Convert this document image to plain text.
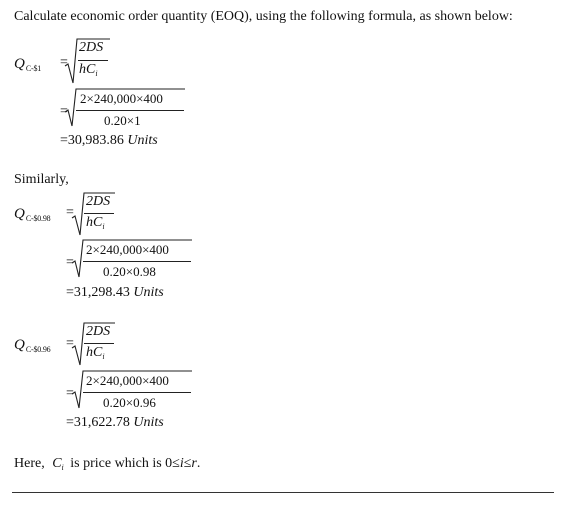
Calculate economic order quantity (EOQ), using the following formula, as shown below:
$Q_{C-\$1}$ =
2DS
$hC_i$
=
2×240,000×400
0.20×1
=30,983.86 Units
Similarly,
$Q_{C-\$0.98}$ =
2DS
$hC_i$
=
2×240,000×400
0.20×0.98
=31,298.43 Units
$Q_{C-\$0.96}$ =
2DS
$hC_i$
=
2×240,000×400
0.20×0.96
=31,622.78 Units
Here, $C_i$ is price which is 0≤i≤r.
